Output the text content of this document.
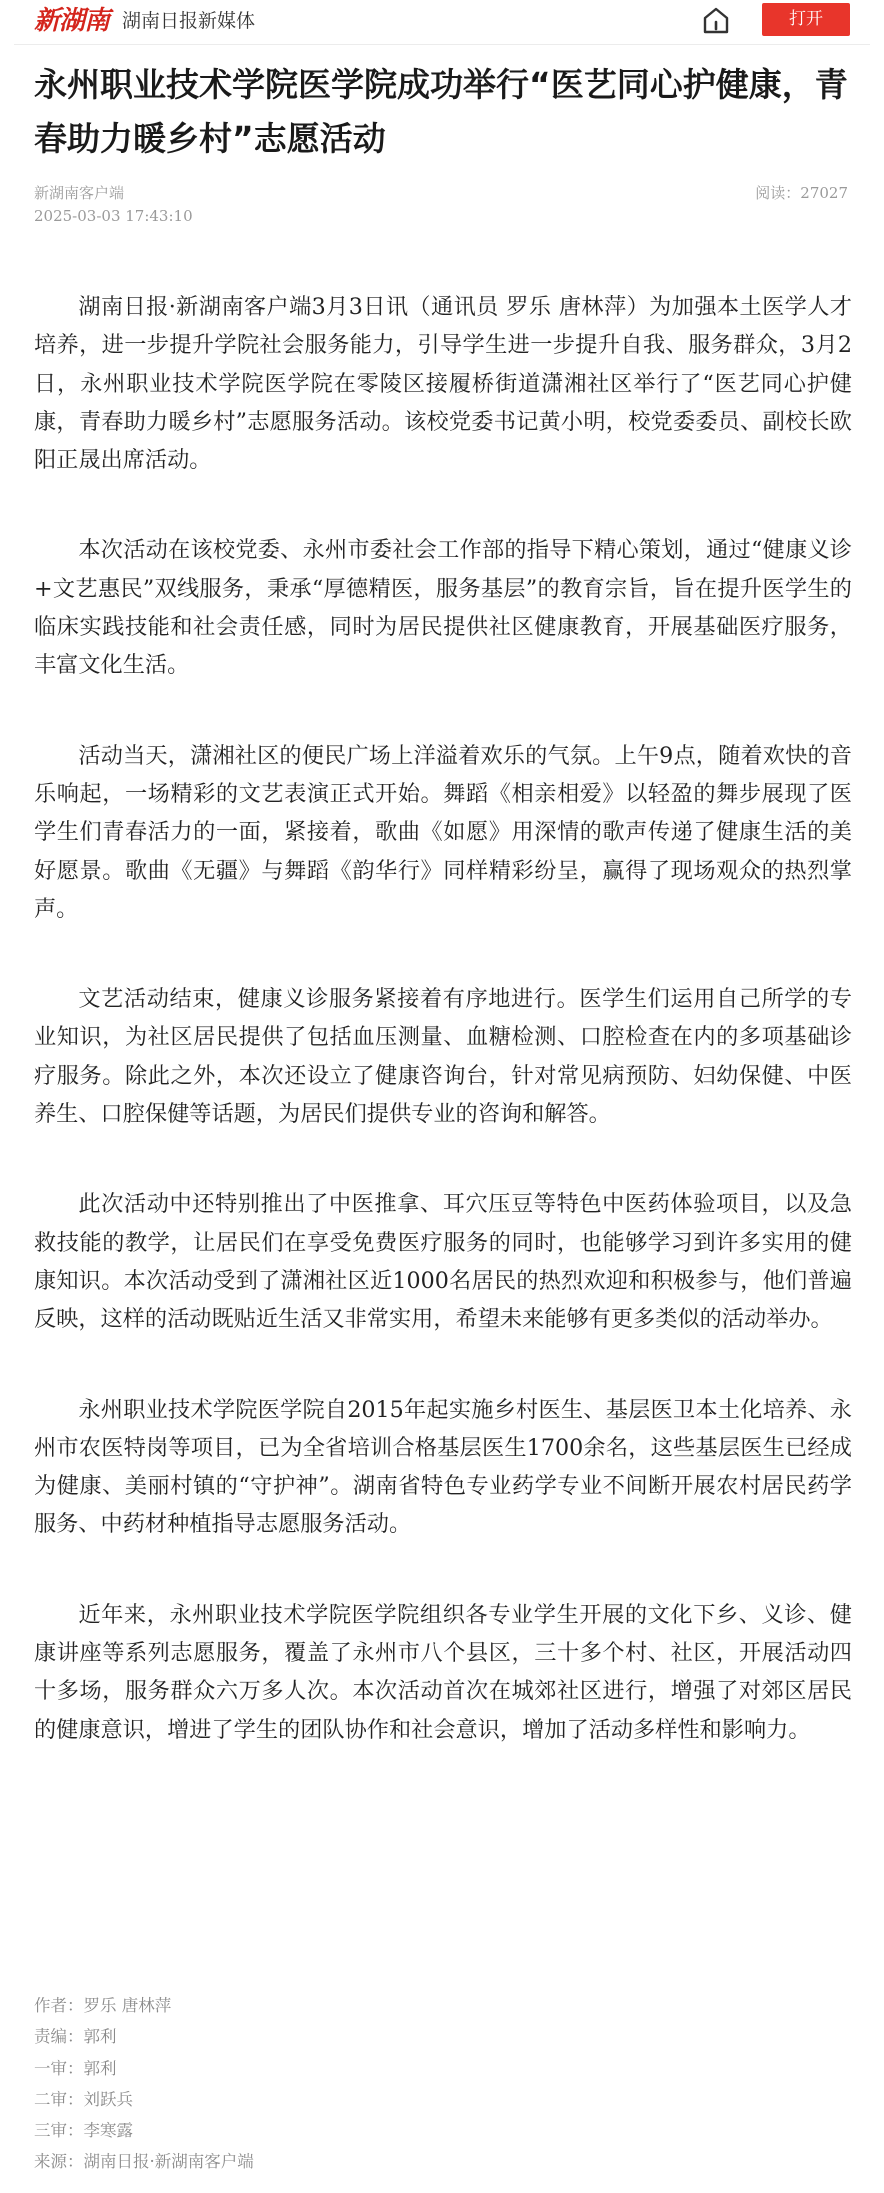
新湖南 湖南日报新媒体	打开
永州职业技术学院医学院成功举行“医艺同心护健康，青春助力暖乡村”志愿活动
新湖南客户端
2025-03-03 17:43:10
阅读：27027

湖南日报·新湖南客户端3月3日讯（通讯员 罗乐 唐林萍）为加强本土医学人才培养，进一步提升学院社会服务能力，引导学生进一步提升自我、服务群众，3月2日，永州职业技术学院医学院在零陵区接履桥街道潇湘社区举行了“医艺同心护健康，青春助力暖乡村”志愿服务活动。该校党委书记黄小明，校党委委员、副校长欧阳正晟出席活动。

本次活动在该校党委、永州市委社会工作部的指导下精心策划，通过“健康义诊+文艺惠民”双线服务，秉承“厚德精医，服务基层”的教育宗旨，旨在提升医学生的临床实践技能和社会责任感，同时为居民提供社区健康教育，开展基础医疗服务，丰富文化生活。

活动当天，潇湘社区的便民广场上洋溢着欢乐的气氛。上午9点，随着欢快的音乐响起，一场精彩的文艺表演正式开始。舞蹈《相亲相爱》以轻盈的舞步展现了医学生们青春活力的一面，紧接着，歌曲《如愿》用深情的歌声传递了健康生活的美好愿景。歌曲《无疆》与舞蹈《韵华行》同样精彩纷呈，赢得了现场观众的热烈掌声。

文艺活动结束，健康义诊服务紧接着有序地进行。医学生们运用自己所学的专业知识，为社区居民提供了包括血压测量、血糖检测、口腔检查在内的多项基础诊疗服务。除此之外，本次还设立了健康咨询台，针对常见病预防、妇幼保健、中医养生、口腔保健等话题，为居民们提供专业的咨询和解答。

此次活动中还特别推出了中医推拿、耳穴压豆等特色中医药体验项目，以及急救技能的教学，让居民们在享受免费医疗服务的同时，也能够学习到许多实用的健康知识。本次活动受到了潇湘社区近1000名居民的热烈欢迎和积极参与，他们普遍反映，这样的活动既贴近生活又非常实用，希望未来能够有更多类似的活动举办。

永州职业技术学院医学院自2015年起实施乡村医生、基层医卫本土化培养、永州市农医特岗等项目，已为全省培训合格基层医生1700余名，这些基层医生已经成为健康、美丽村镇的“守护神”。湖南省特色专业药学专业不间断开展农村居民药学服务、中药材种植指导志愿服务活动。

近年来，永州职业技术学院医学院组织各专业学生开展的文化下乡、义诊、健康讲座等系列志愿服务，覆盖了永州市八个县区，三十多个村、社区，开展活动四十多场，服务群众六万多人次。本次活动首次在城郊社区进行，增强了对郊区居民的健康意识，增进了学生的团队协作和社会意识，增加了活动多样性和影响力。

作者：罗乐 唐林萍
责编：郭利
一审：郭利
二审：刘跃兵
三审：李寒露
来源：湖南日报·新湖南客户端
